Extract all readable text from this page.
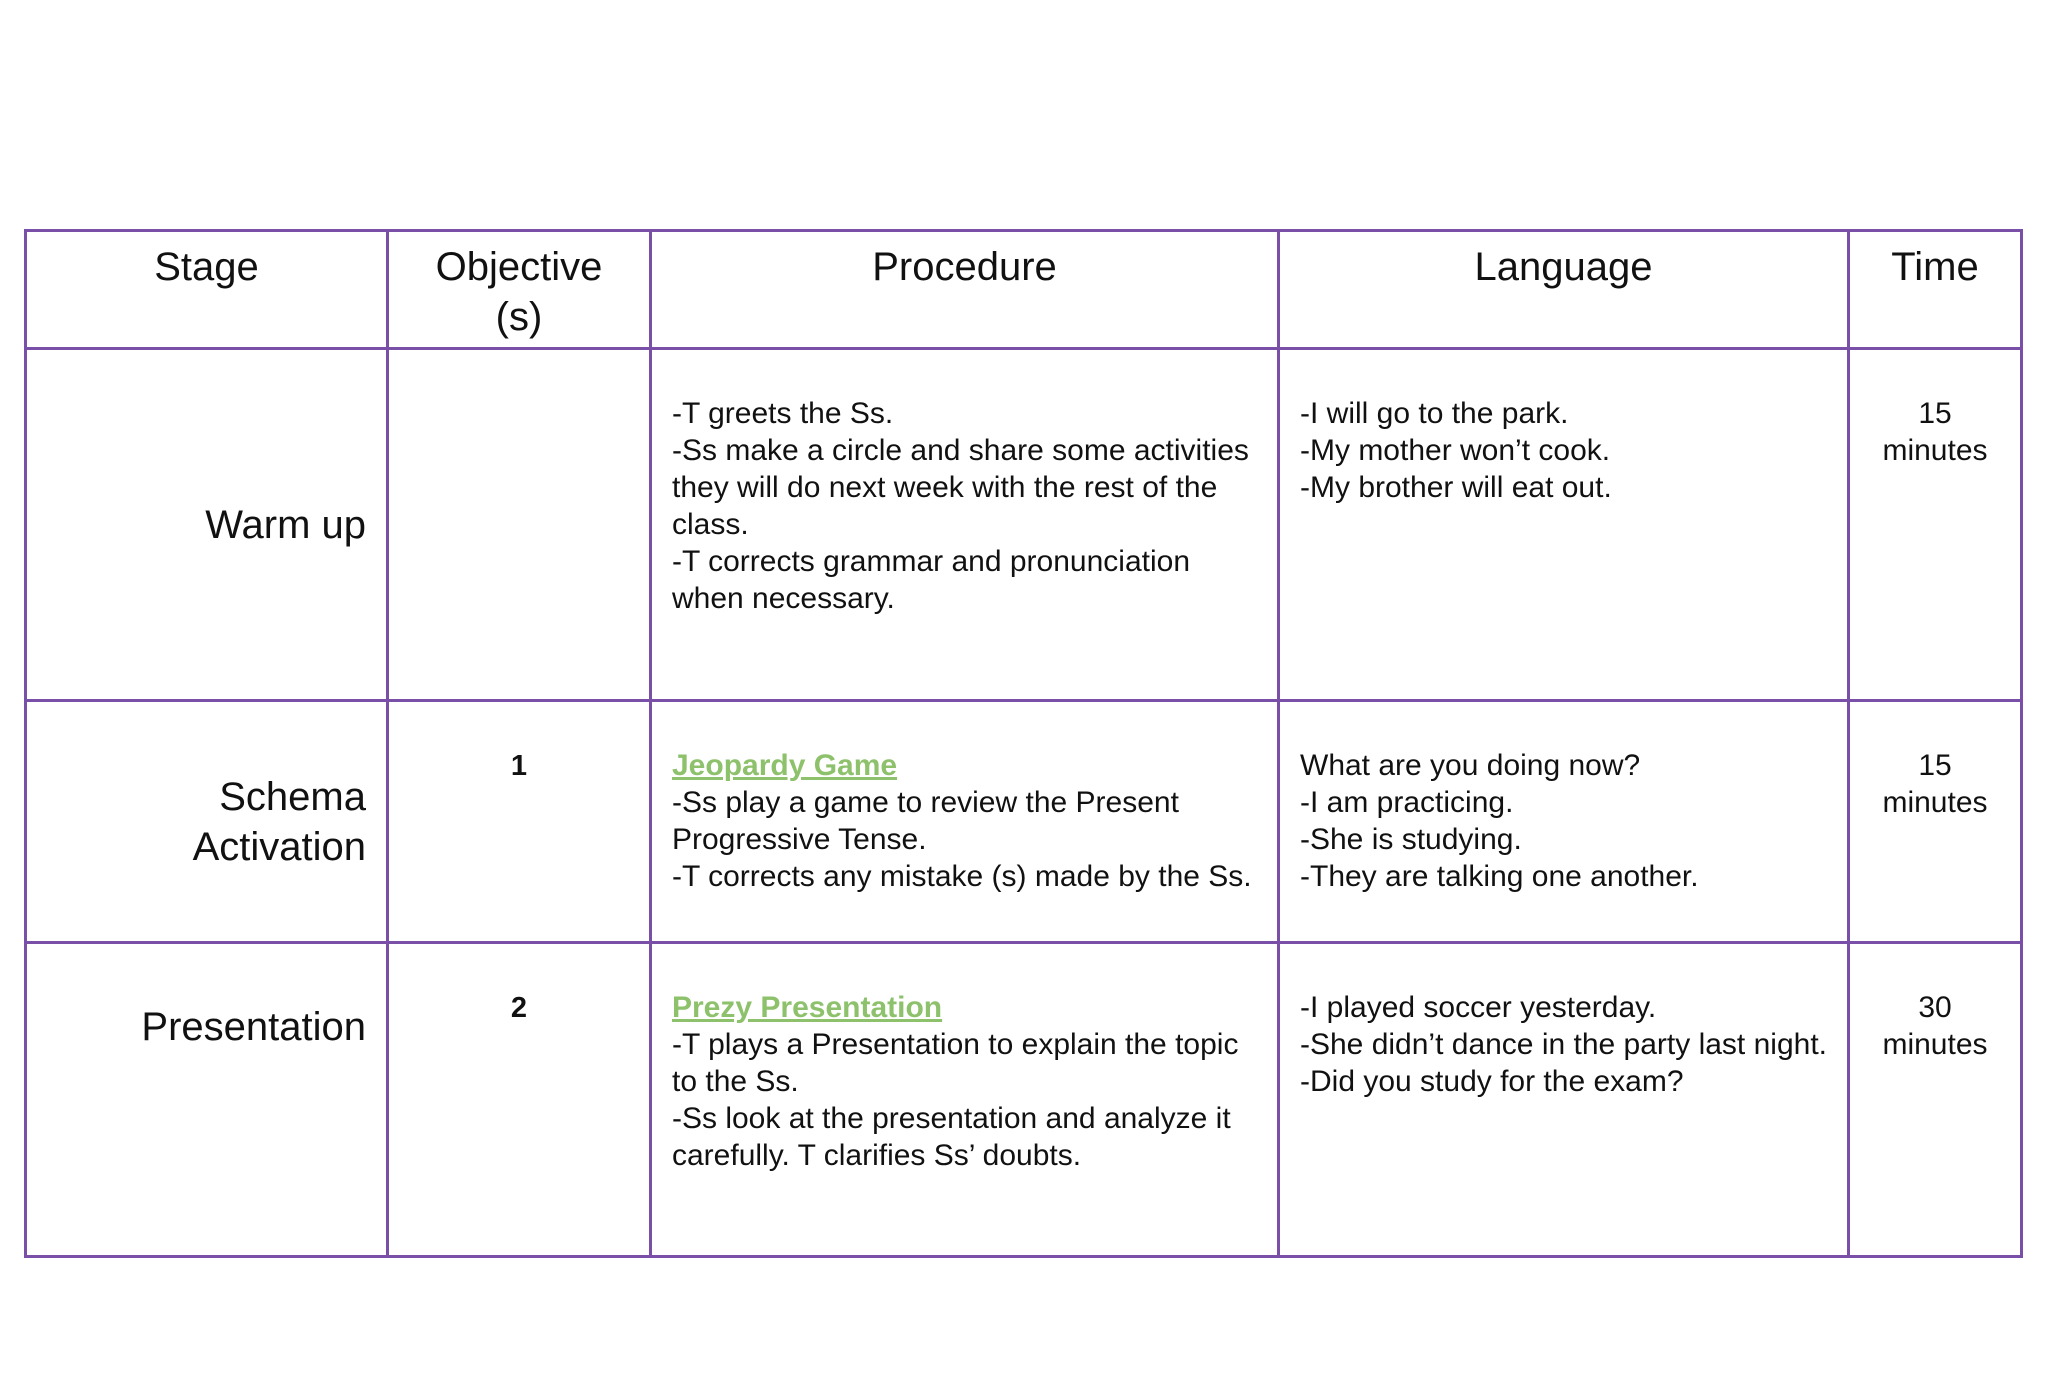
Stage	Objective (s)	Procedure	Language	Time
Warm up		-T greets the Ss.
-Ss make a circle and share some activities they will do next week with the rest of the class.
-T corrects grammar and pronunciation when necessary.	-I will go to the park.
-My mother won’t cook.
-My brother will eat out.	15
minutes

Schema
Activation	1	Jeopardy Game
-Ss play a game to review the Present Progressive Tense.
-T corrects any mistake (s) made by the Ss.	What are you doing now?
-I am practicing.
-She is studying.
-They are talking one another.	15
minutes

Presentation	2	Prezy Presentation
-T plays a Presentation to explain the topic to the Ss.
-Ss look at the presentation and analyze it carefully. T clarifies Ss’ doubts.	-I played soccer yesterday.
-She didn’t dance in the party last night.
-Did you study for the exam?	30
minutes
